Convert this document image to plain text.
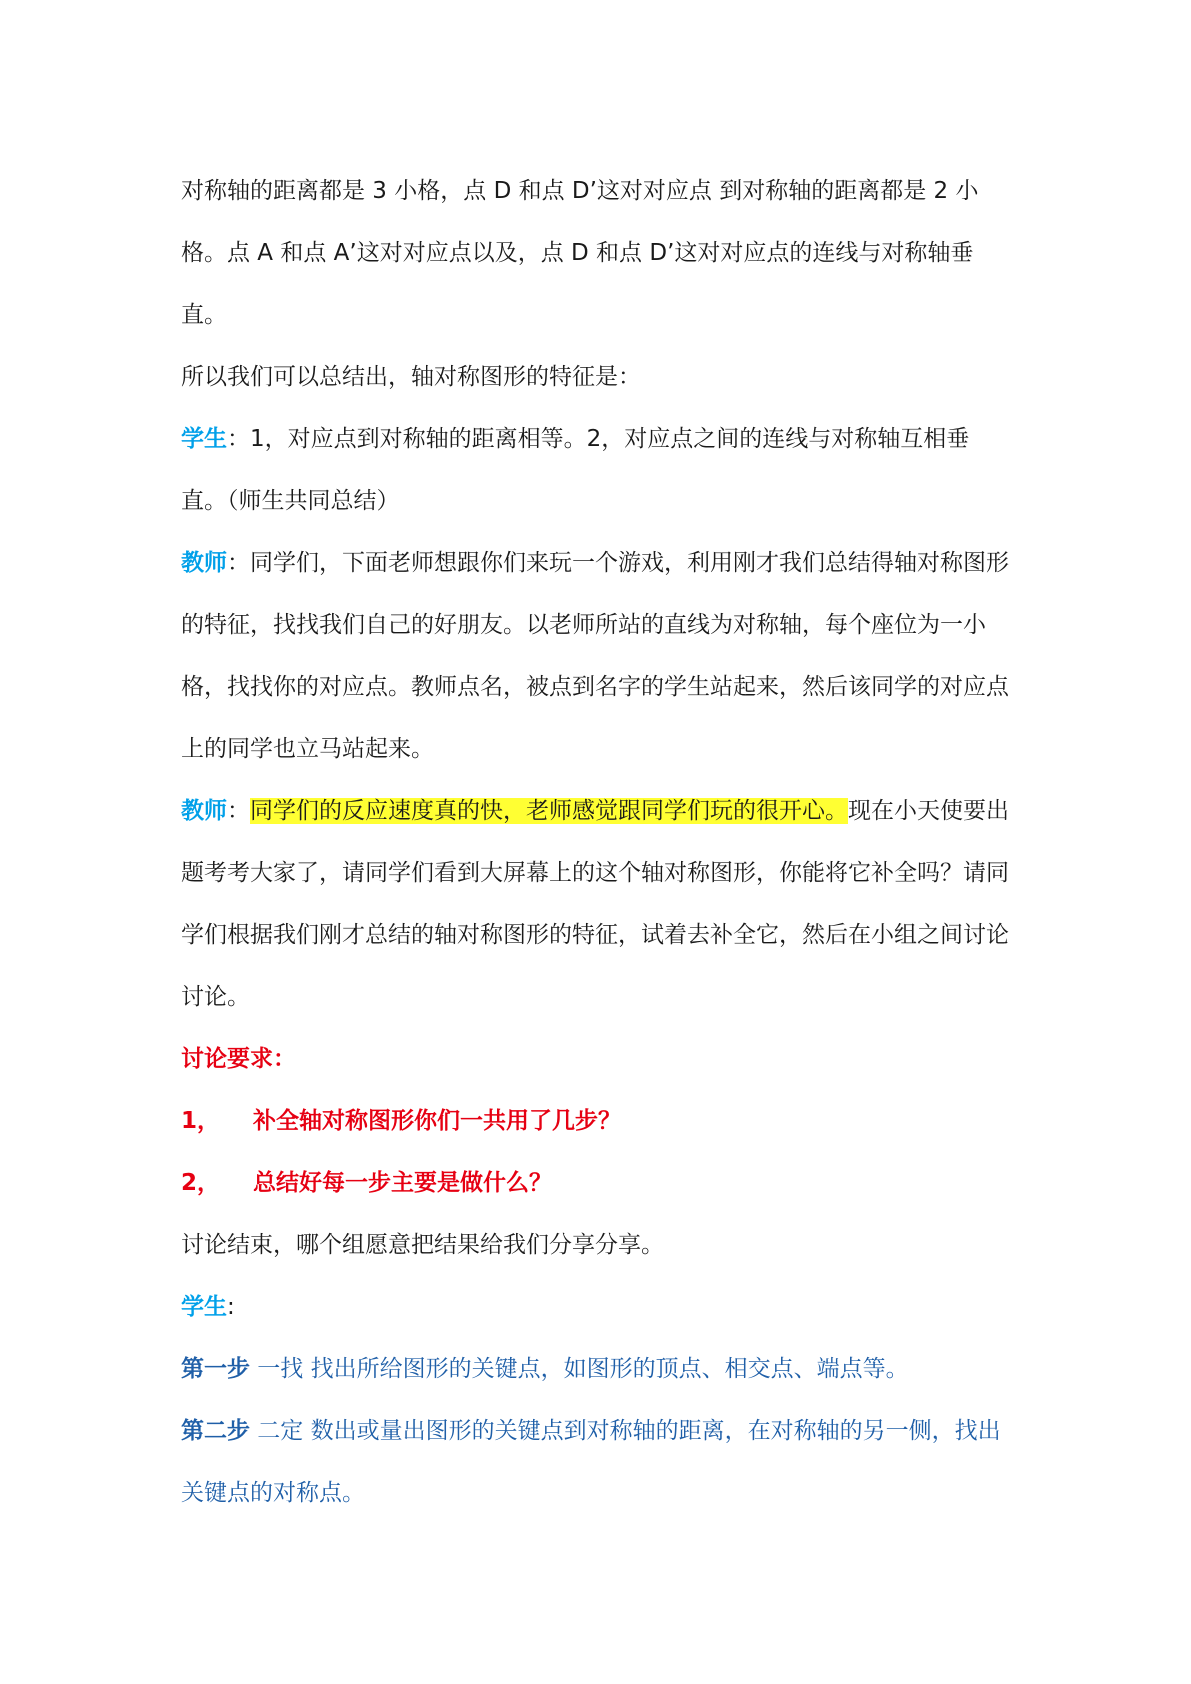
对称轴的距离都是 3 小格，点 D 和点 D’这对对应点 到对称轴的距离都是 2 小格。点 A 和点 A’这对对应点以及，点 D 和点 D’这对对应点的连线与对称轴垂直。

所以我们可以总结出，轴对称图形的特征是：

学生：1，对应点到对称轴的距离相等。2，对应点之间的连线与对称轴互相垂直。（师生共同总结）

教师：同学们，下面老师想跟你们来玩一个游戏，利用刚才我们总结得轴对称图形的特征，找找我们自己的好朋友。以老师所站的直线为对称轴，每个座位为一小格，找找你的对应点。教师点名，被点到名字的学生站起来，然后该同学的对应点上的同学也立马站起来。

教师：同学们的反应速度真的快，老师感觉跟同学们玩的很开心。现在小天使要出题考考大家了，请同学们看到大屏幕上的这个轴对称图形，你能将它补全吗？请同学们根据我们刚才总结的轴对称图形的特征，试着去补全它，然后在小组之间讨论讨论。

讨论要求：

1， 补全轴对称图形你们一共用了几步？

2， 总结好每一步主要是做什么？

讨论结束，哪个组愿意把结果给我们分享分享。

学生:

第一步 一找 找出所给图形的关键点，如图形的顶点、相交点、端点等。

第二步 二定 数出或量出图形的关键点到对称轴的距离，在对称轴的另一侧，找出关键点的对称点。
